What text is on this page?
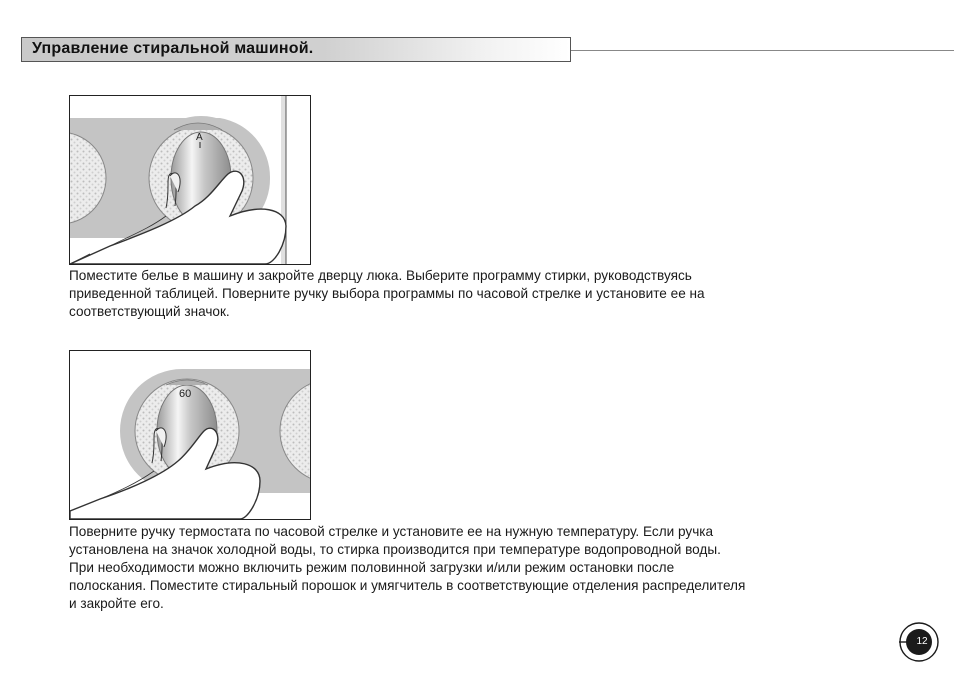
Управление стиральной машиной.
A

Поместите белье в машину и закройте дверцу люка. Выберите программу стирки, руководствуясь
приведенной таблицей. Поверните ручку выбора программы по часовой стрелке и установите ее на
соответствующий значок.

60

Поверните ручку термостата по часовой стрелке и установите ее на нужную температуру. Если ручка
установлена на значок холодной воды, то стирка производится при температуре водопроводной воды.
При необходимости можно включить режим половинной загрузки и/или режим остановки после
полоскания. Поместите стиральный порошок и умягчитель в соответствующие отделения распределителя
и закройте его.

12
